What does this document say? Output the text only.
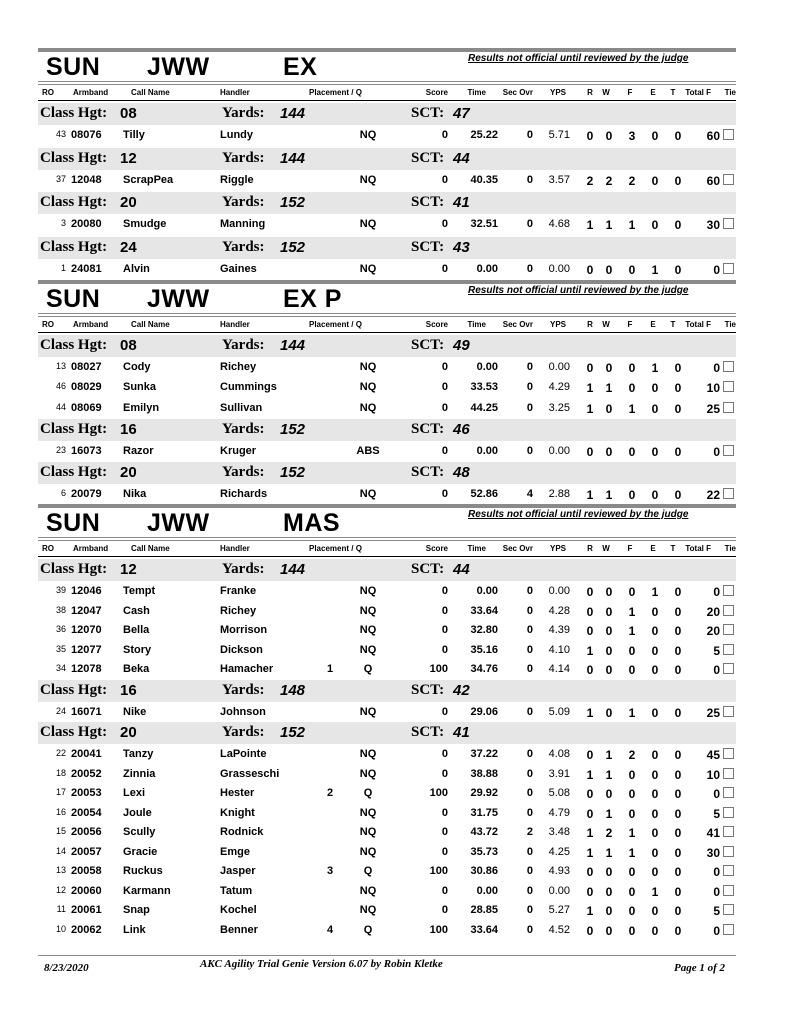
SUN JWW	EX	Results not official until reviewed by the judge
RO Armband	Call Name	Handler	Placement / Q	Score	Time	Sec Ovr	YPS	R	W	F	E	T	Total F	Tie
Class Hgt: 08	Yards: 144	SCT: 47
43 08076 Tilly	Lundy	NQ	0	25.22	0	5.71	0	0	3	0	0	60
Class Hgt: 12	Yards: 144	SCT: 44
37 12048 ScrapPea	Riggle	NQ	0	40.35	0	3.57	2	2	2	0	0	60
Class Hgt: 20	Yards: 152	SCT: 41
3 20080 Smudge	Manning	NQ	0	32.51	0	4.68	1	1	1	0	0	30
Class Hgt: 24	Yards: 152	SCT: 43
1 24081 Alvin	Gaines	NQ	0	0.00	0	0.00	0	0	0	1	0	0
SUN JWW	EX P	Results not official until reviewed by the judge
RO Armband	Call Name	Handler	Placement / Q	Score	Time	Sec Ovr	YPS	R	W	F	E	T	Total F	Tie
Class Hgt: 08	Yards: 144	SCT: 49
13 08027 Cody	Richey	NQ	0	0.00	0	0.00	0	0	0	1	0	0
46 08029 Sunka	Cummings	NQ	0	33.53	0	4.29	1	1	0	0	0	10
44 08069 Emilyn	Sullivan	NQ	0	44.25	0	3.25	1	0	1	0	0	25
Class Hgt: 16	Yards: 152	SCT: 46
23 16073 Razor	Kruger	ABS	0	0.00	0	0.00	0	0	0	0	0	0
Class Hgt: 20	Yards: 152	SCT: 48
6 20079 Nika	Richards	NQ	0	52.86	4	2.88	1	1	0	0	0	22
SUN JWW	MAS	Results not official until reviewed by the judge
RO Armband	Call Name	Handler	Placement / Q	Score	Time	Sec Ovr	YPS	R	W	F	E	T	Total F	Tie
Class Hgt: 12	Yards: 144	SCT: 44
39 12046 Tempt	Franke	NQ	0	0.00	0	0.00	0	0	0	1	0	0
38 12047 Cash	Richey	NQ	0	33.64	0	4.28	0	0	1	0	0	20
36 12070 Bella	Morrison	NQ	0	32.80	0	4.39	0	0	1	0	0	20
35 12077 Story	Dickson	NQ	0	35.16	0	4.10	1	0	0	0	0	5
34 12078 Beka	Hamacher	1	Q	100	34.76	0	4.14	0	0	0	0	0	0
Class Hgt: 16	Yards: 148	SCT: 42
24 16071 Nike	Johnson	NQ	0	29.06	0	5.09	1	0	1	0	0	25
Class Hgt: 20	Yards: 152	SCT: 41
22 20041 Tanzy	LaPointe	NQ	0	37.22	0	4.08	0	1	2	0	0	45
18 20052 Zinnia	Grasseschi	NQ	0	38.88	0	3.91	1	1	0	0	0	10
17 20053 Lexi	Hester	2	Q	100	29.92	0	5.08	0	0	0	0	0	0
16 20054 Joule	Knight	NQ	0	31.75	0	4.79	0	1	0	0	0	5
15 20056 Scully	Rodnick	NQ	0	43.72	2	3.48	1	2	1	0	0	41
14 20057 Gracie	Emge	NQ	0	35.73	0	4.25	1	1	1	0	0	30
13 20058 Ruckus	Jasper	3	Q	100	30.86	0	4.93	0	0	0	0	0	0
12 20060 Karmann	Tatum	NQ	0	0.00	0	0.00	0	0	0	1	0	0
11 20061 Snap	Kochel	NQ	0	28.85	0	5.27	1	0	0	0	0	5
10 20062 Link	Benner	4	Q	100	33.64	0	4.52	0	0	0	0	0	0
8/23/2020	AKC Agility Trial Genie Version 6.07 by Robin Kletke	Page 1 of 2
